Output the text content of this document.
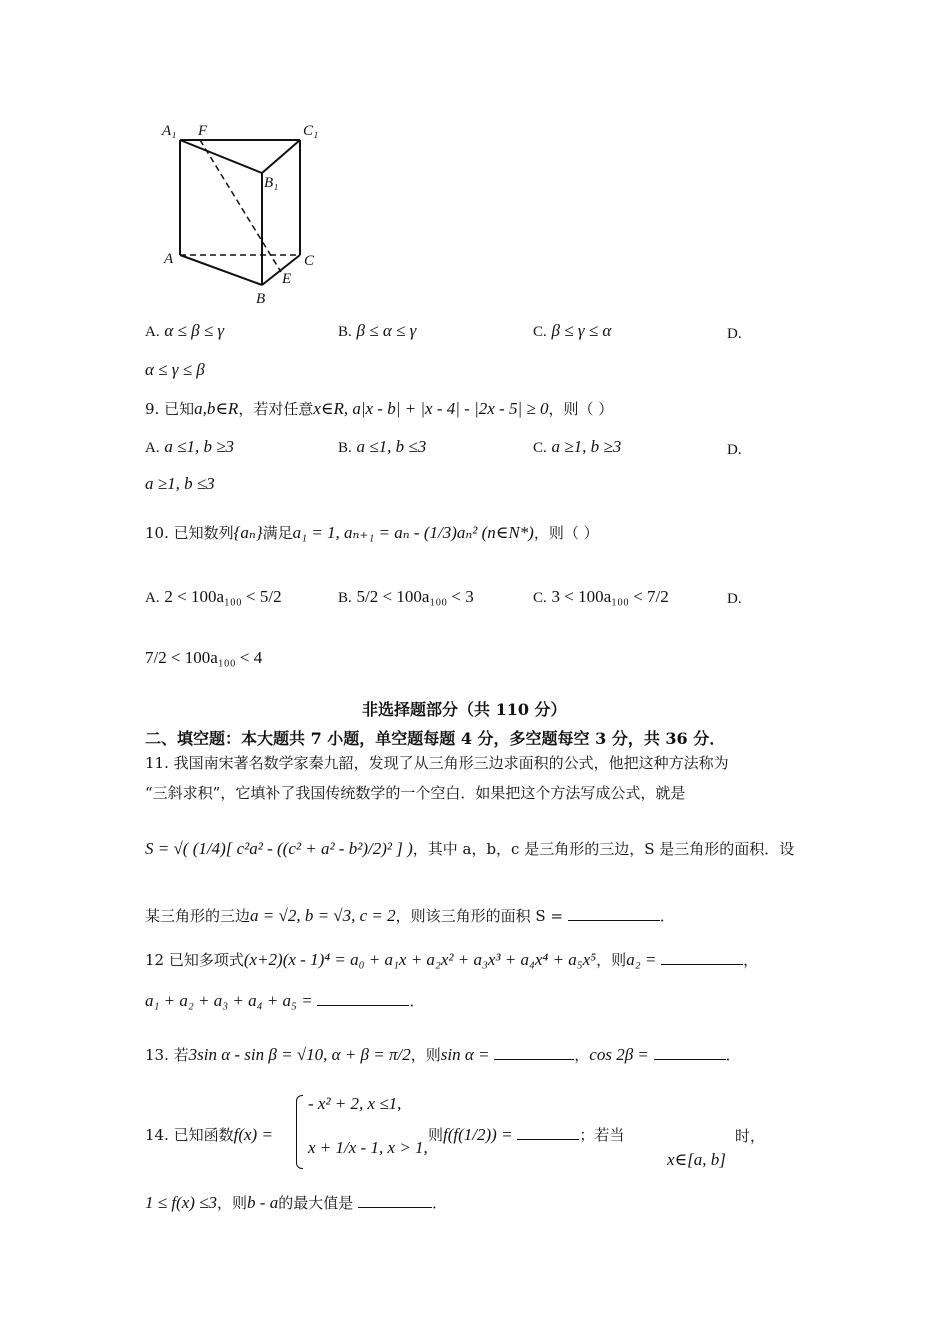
A₁ F	C₁
B₁
A	C
E
B
A. α ≤ β ≤ γ	B. β ≤ α ≤ γ	C. β ≤ γ ≤ α	D.
α ≤ γ ≤ β
9. 已知a,b∈R，若对任意x∈R, a|x - b| + |x - 4| - |2x - 5| ≥ 0，则（ ）
A. a ≤1, b ≥3	B. a ≤1, b ≤3	C. a ≥1, b ≥3	D.
a ≥1, b ≤3
10. 已知数列{aₙ}满足a₁ = 1, aₙ₊₁ = aₙ - (1/3)aₙ² (n∈N*)，则（ ）
A. 2 < 100a₁₀₀ < 5/2	B. 5/2 < 100a₁₀₀ < 3	C. 3 < 100a₁₀₀ < 7/2	D.
7/2 < 100a₁₀₀ < 4
非选择题部分（共 110 分）
二、填空题：本大题共 7 小题，单空题每题 4 分，多空题每空 3 分，共 36 分．
11. 我国南宋著名数学家秦九韶，发现了从三角形三边求面积的公式，他把这种方法称为
“三斜求积”，它填补了我国传统数学的一个空白．如果把这个方法写成公式，就是
S = √( (1/4)[ c²a² - ((c² + a² - b²)/2)² ] )，其中 a，b，c 是三角形的三边，S 是三角形的面积．设
某三角形的三边a = √2, b = √3, c = 2，则该三角形的面积 S =	．
12 已知多项式(x+2)(x - 1)⁴ = a₀ + a₁x + a₂x² + a₃x³ + a₄x⁴ + a₅x⁵，则a₂ =	，
a₁ + a₂ + a₃ + a₄ + a₅ =	．
13. 若3sin α - sin β = √10, α + β = π/2，则sin α =	，cos 2β =	．
14. 已知函数f(x) =
- x² + 2, x ≤1,
x + 1/x - 1, x > 1,
则f(f(1/2)) =	；若当	时，
x∈[a, b]
1 ≤ f(x) ≤3，则b - a的最大值是	．
